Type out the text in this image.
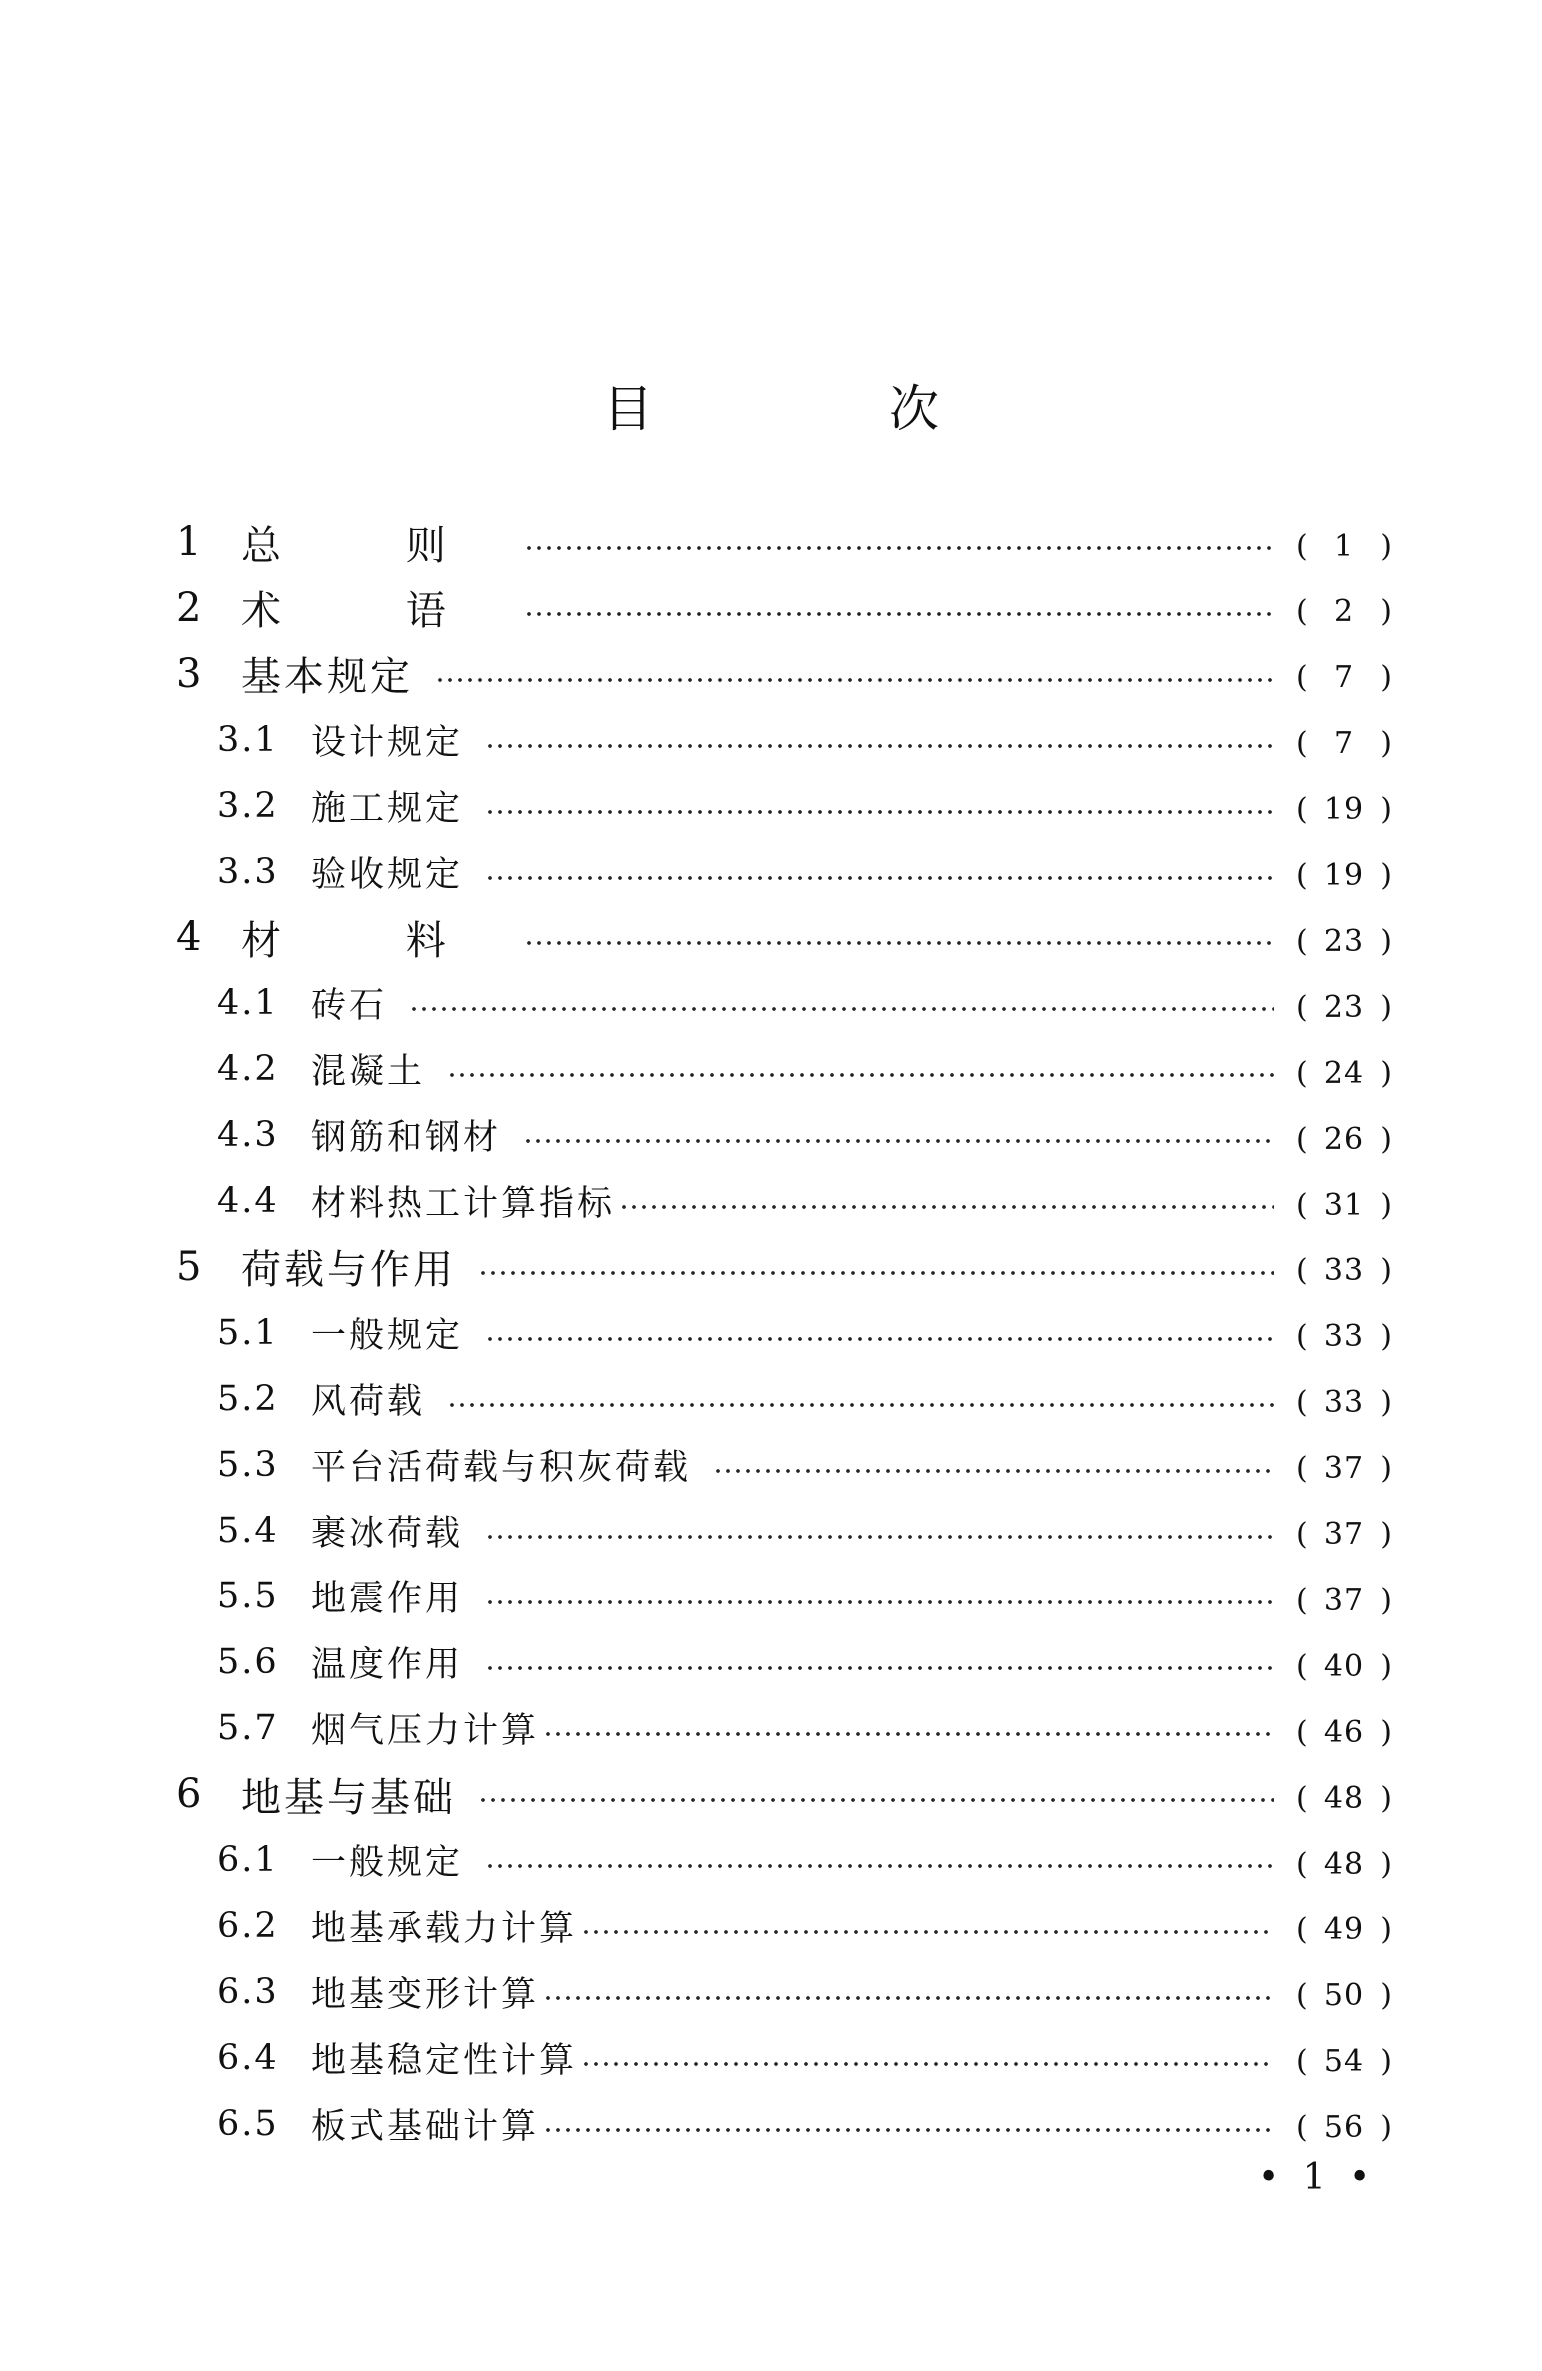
目 次
1 总 则	( 1 )
2 术 语	( 2 )
3 基本规定	( 7 )
3.1 设计规定	( 7 )
3.2 施工规定	( 19 )
3.3 验收规定	( 19 )
4 材 料	( 23 )
4.1 砖石	( 23 )
4.2 混凝土	( 24 )
4.3 钢筋和钢材	( 26 )
4.4 材料热工计算指标	( 31 )
5 荷载与作用	( 33 )
5.1 一般规定	( 33 )
5.2 风荷载	( 33 )
5.3 平台活荷载与积灰荷载	( 37 )
5.4 裹冰荷载	( 37 )
5.5 地震作用	( 37 )
5.6 温度作用	( 40 )
5.7 烟气压力计算	( 46 )
6 地基与基础	( 48 )
6.1 一般规定	( 48 )
6.2 地基承载力计算	( 49 )
6.3 地基变形计算	( 50 )
6.4 地基稳定性计算	( 54 )
6.5 板式基础计算	( 56 )
• 1 •
